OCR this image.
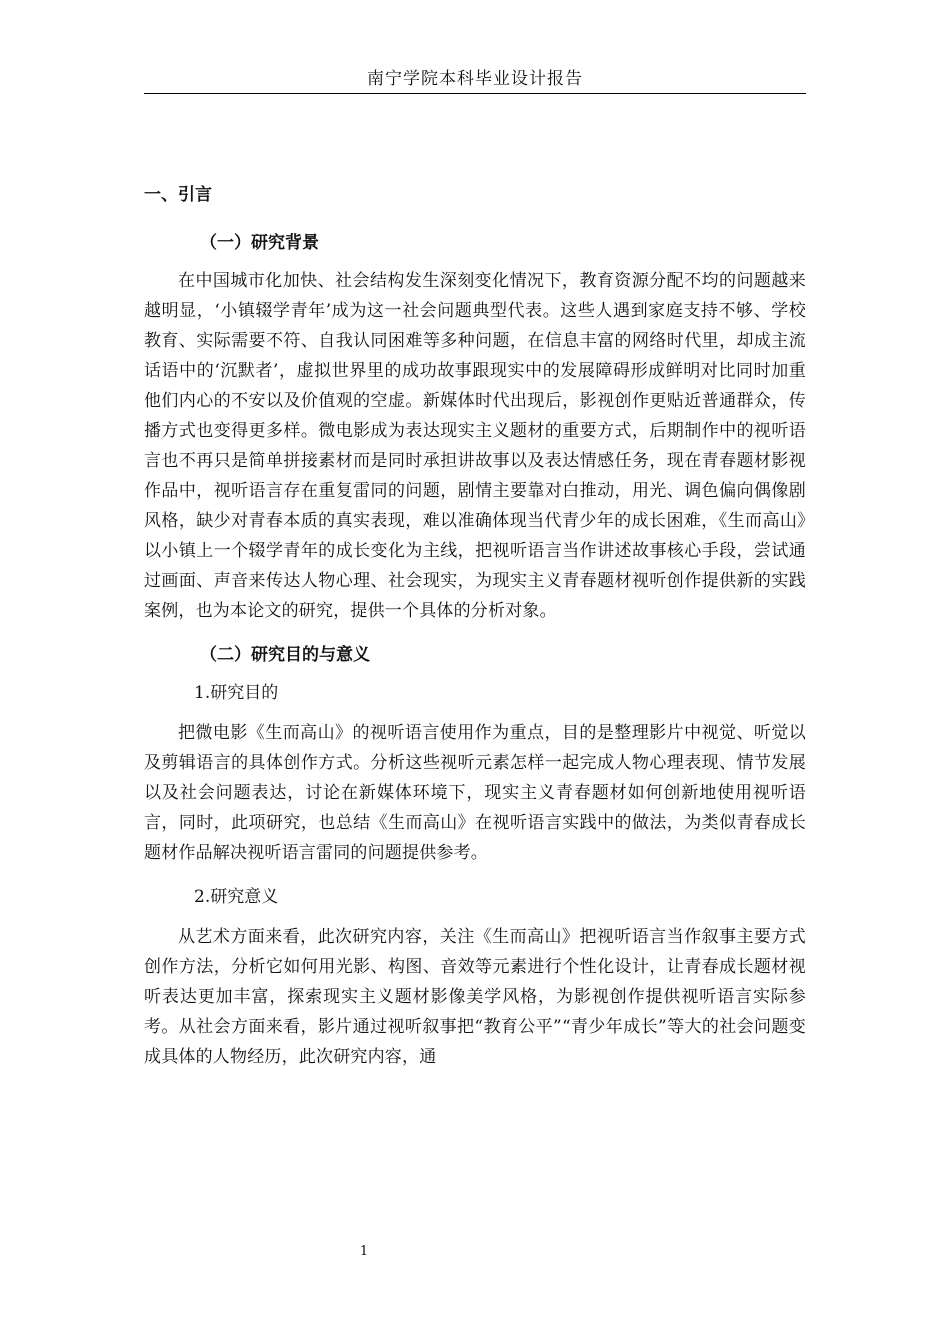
南宁学院本科毕业设计报告
一、引言
（一）研究背景

在中国城市化加快、社会结构发生深刻变化情况下，教育资源分配不均的问题越来越明显，‘小镇辍学青年’成为这一社会问题典型代表。这些人遇到家庭支持不够、学校教育、实际需要不符、自我认同困难等多种问题，在信息丰富的网络时代里，却成主流话语中的‘沉默者’，虚拟世界里的成功故事跟现实中的发展障碍形成鲜明对比同时加重他们内心的不安以及价值观的空虚。新媒体时代出现后，影视创作更贴近普通群众，传播方式也变得更多样。微电影成为表达现实主义题材的重要方式，后期制作中的视听语言也不再只是简单拼接素材而是同时承担讲故事以及表达情感任务，现在青春题材影视作品中，视听语言存在重复雷同的问题，剧情主要靠对白推动，用光、调色偏向偶像剧风格，缺少对青春本质的真实表现，难以准确体现当代青少年的成长困难，《生而高山》以小镇上一个辍学青年的成长变化为主线，把视听语言当作讲述故事核心手段，尝试通过画面、声音来传达人物心理、社会现实，为现实主义青春题材视听创作提供新的实践案例，也为本论文的研究，提供一个具体的分析对象。

（二）研究目的与意义
1.研究目的

把微电影《生而高山》的视听语言使用作为重点，目的是整理影片中视觉、听觉以及剪辑语言的具体创作方式。分析这些视听元素怎样一起完成人物心理表现、情节发展以及社会问题表达，讨论在新媒体环境下，现实主义青春题材如何创新地使用视听语言，同时，此项研究，也总结《生而高山》在视听语言实践中的做法，为类似青春成长题材作品解决视听语言雷同的问题提供参考。

2.研究意义

从艺术方面来看，此次研究内容，关注《生而高山》把视听语言当作叙事主要方式创作方法，分析它如何用光影、构图、音效等元素进行个性化设计，让青春成长题材视听表达更加丰富，探索现实主义题材影像美学风格，为影视创作提供视听语言实际参考。从社会方面来看，影片通过视听叙事把“教育公平”“青少年成长”等大的社会问题变成具体的人物经历，此次研究内容，通

1
